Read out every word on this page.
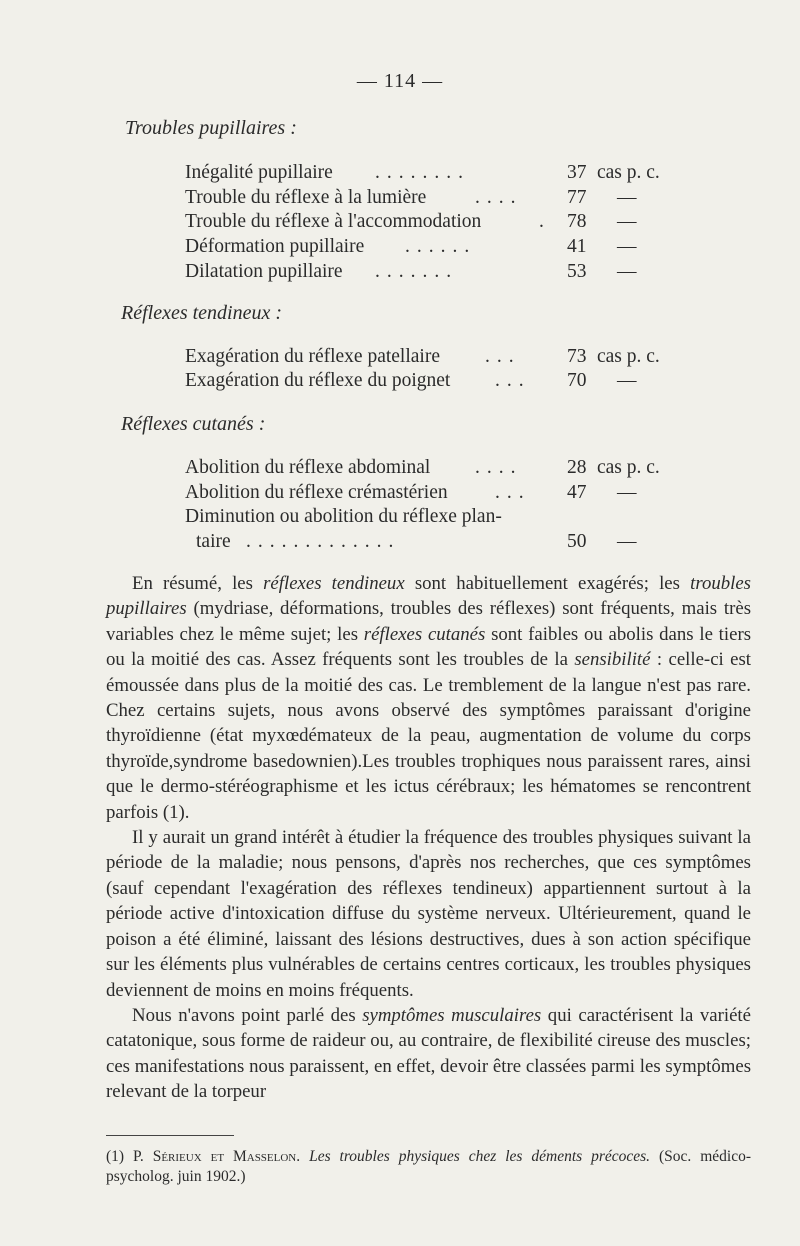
— 114 —
Troubles pupillaires :
Inégalité pupillaire ........	37 cas p. c.
Trouble du réflexe à la lumière .... 77 —
Trouble du réflexe à l'accommodation	. 78 —
Déformation pupillaire ......	41 —
Dilatation pupillaire .......	53 —
Réflexes tendineux :
Exagération du réflexe patellaire ... 73 cas p. c.
Exagération du réflexe du poignet ... 70 —
Réflexes cutanés :
Abolition du réflexe abdominal .... 28 cas p. c.
Abolition du réflexe crémastérien ... 47 —
Diminution ou abolition du réflexe plan-
taire .............	50 —

En résumé, les réflexes tendineux sont habituellement exagérés; les troubles pupillaires (mydriase, déformations, troubles des réflexes) sont fréquents, mais très variables chez le même sujet; les réflexes cutanés sont faibles ou abolis dans le tiers ou la moitié des cas. Assez fréquents sont les troubles de la sensibilité : celle-ci est émoussée dans plus de la moitié des cas. Le tremblement de la langue n'est pas rare. Chez certains sujets, nous avons observé des symptômes paraissant d'origine thyroïdienne (état myxœdémateux de la peau, augmentation de volume du corps thyroïde,syndrome basedownien).Les troubles trophiques nous paraissent rares, ainsi que le dermo-stéréographisme et les ictus cérébraux; les hématomes se rencontrent parfois (1).

Il y aurait un grand intérêt à étudier la fréquence des troubles physiques suivant la période de la maladie; nous pensons, d'après nos recherches, que ces symptômes (sauf cependant l'exagération des réflexes tendineux) appartiennent surtout à la période active d'intoxication diffuse du système nerveux. Ultérieurement, quand le poison a été éliminé, laissant des lésions destructives, dues à son action spécifique sur les éléments plus vulnérables de certains centres corticaux, les troubles physiques deviennent de moins en moins fréquents.

Nous n'avons point parlé des symptômes musculaires qui caractérisent la variété catatonique, sous forme de raideur ou, au contraire, de flexibilité cireuse des muscles; ces manifestations nous paraissent, en effet, devoir être classées parmi les symptômes relevant de la torpeur

(1) P. Sérieux et Masselon. Les troubles physiques chez les déments précoces. (Soc. médico-psycholog. juin 1902.)
